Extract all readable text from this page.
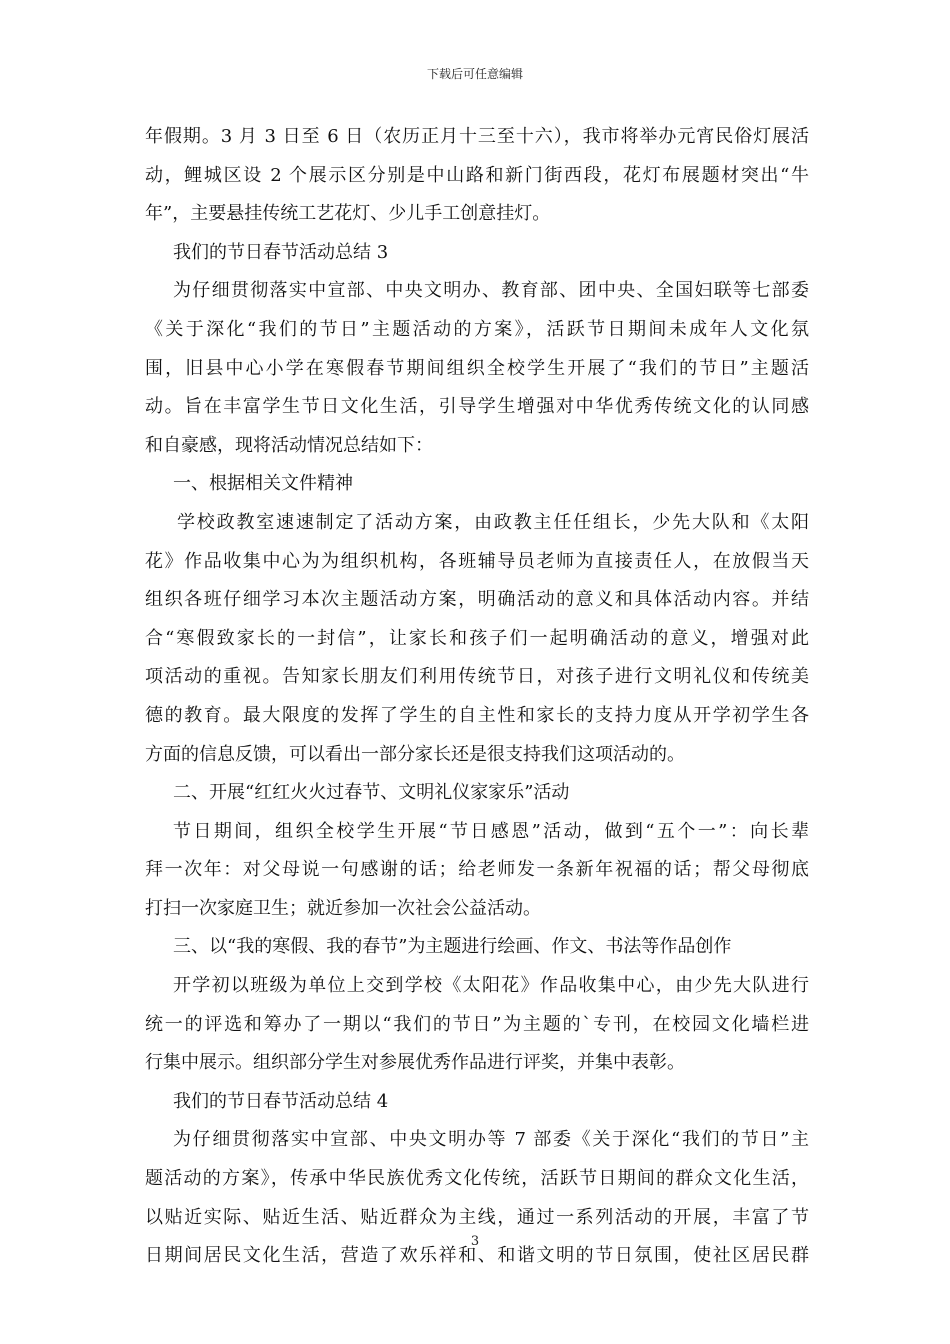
下载后可任意编辑
年假期。3 月 3 日至 6 日（农历正月十三至十六），我市将举办元宵民俗灯展活
动，鲤城区设 2 个展示区分别是中山路和新门街西段，花灯布展题材突出“牛
年”，主要悬挂传统工艺花灯、少儿手工创意挂灯。
我们的节日春节活动总结 3
为仔细贯彻落实中宣部、中央文明办、教育部、团中央、全国妇联等七部委
《关于深化“我们的节日”主题活动的方案》，活跃节日期间未成年人文化氛
围，旧县中心小学在寒假春节期间组织全校学生开展了“我们的节日”主题活
动。旨在丰富学生节日文化生活，引导学生增强对中华优秀传统文化的认同感
和自豪感，现将活动情况总结如下：
一、根据相关文件精神
学校政教室速速制定了活动方案，由政教主任任组长，少先大队和《太阳
花》作品收集中心为为组织机构，各班辅导员老师为直接责任人，在放假当天
组织各班仔细学习本次主题活动方案，明确活动的意义和具体活动内容。并结
合“寒假致家长的一封信”，让家长和孩子们一起明确活动的意义，增强对此
项活动的重视。告知家长朋友们利用传统节日，对孩子进行文明礼仪和传统美
德的教育。最大限度的发挥了学生的自主性和家长的支持力度从开学初学生各
方面的信息反馈，可以看出一部分家长还是很支持我们这项活动的。
二、开展“红红火火过春节、文明礼仪家家乐”活动
节日期间，组织全校学生开展“节日感恩”活动，做到“五个一”：向长辈
拜一次年：对父母说一句感谢的话；给老师发一条新年祝福的话；帮父母彻底
打扫一次家庭卫生；就近参加一次社会公益活动。
三、以“我的寒假、我的春节”为主题进行绘画、作文、书法等作品创作
开学初以班级为单位上交到学校《太阳花》作品收集中心，由少先大队进行
统一的评选和筹办了一期以“我们的节日”为主题的`专刊，在校园文化墙栏进
行集中展示。组织部分学生对参展优秀作品进行评奖，并集中表彰。
我们的节日春节活动总结 4
为仔细贯彻落实中宣部、中央文明办等 7 部委《关于深化“我们的节日”主
题活动的方案》，传承中华民族优秀文化传统，活跃节日期间的群众文化生活，
以贴近实际、贴近生活、贴近群众为主线，通过一系列活动的开展，丰富了节
日期间居民文化生活，营造了欢乐祥和、和谐文明的节日氛围，使社区居民群
3
